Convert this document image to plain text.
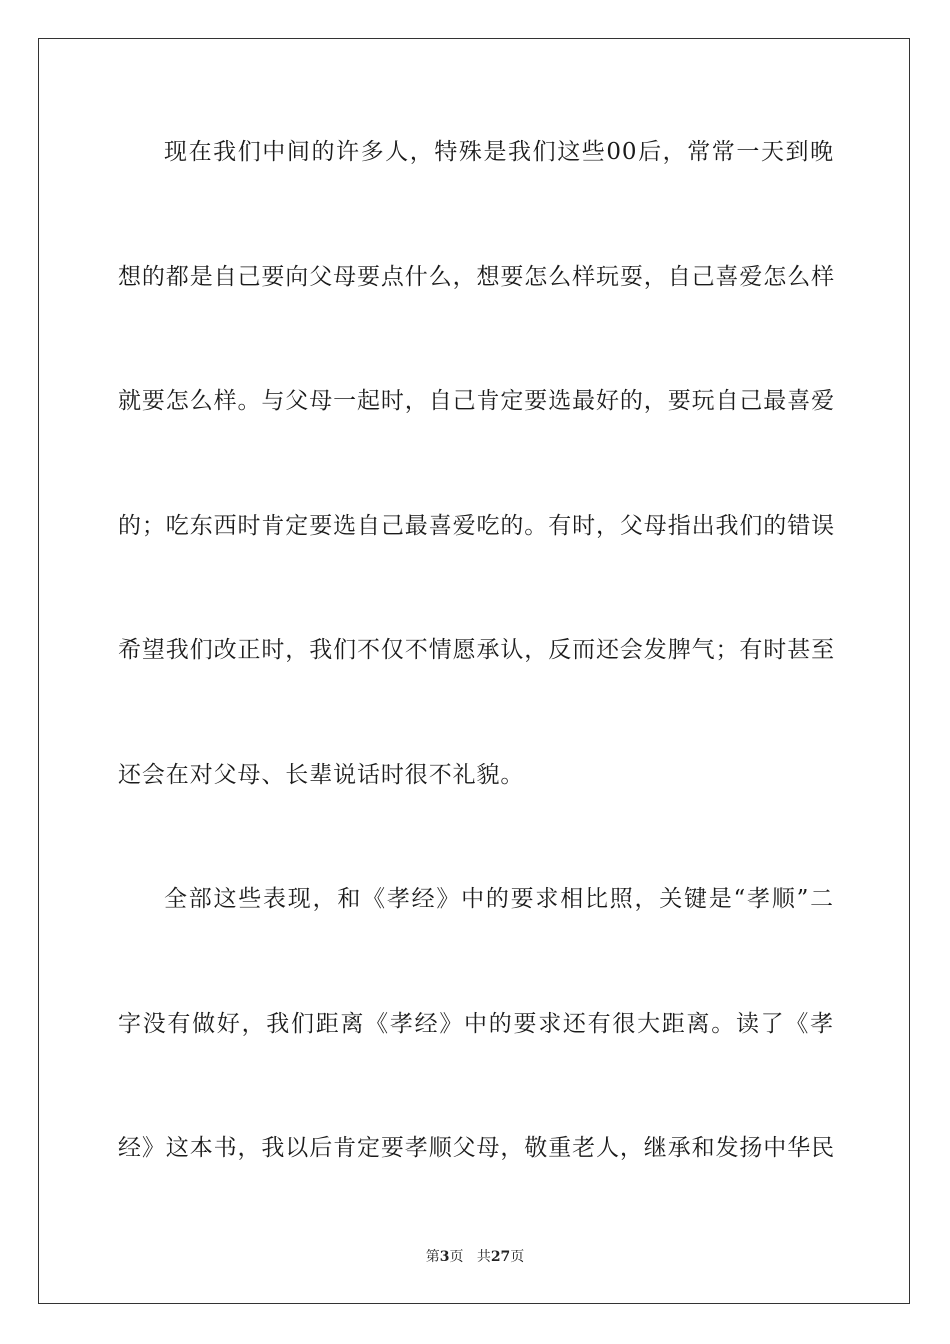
现在我们中间的许多人，特殊是我们这些00后，常常一天到晚
想的都是自己要向父母要点什么，想要怎么样玩耍，自己喜爱怎么样
就要怎么样。与父母一起时，自己肯定要选最好的，要玩自己最喜爱
的；吃东西时肯定要选自己最喜爱吃的。有时，父母指出我们的错误
希望我们改正时，我们不仅不情愿承认，反而还会发脾气；有时甚至
还会在对父母、长辈说话时很不礼貌。
全部这些表现，和《孝经》中的要求相比照，关键是“孝顺”二
字没有做好，我们距离《孝经》中的要求还有很大距离。读了《孝
经》这本书，我以后肯定要孝顺父母，敬重老人，继承和发扬中华民
第3页 共27页
